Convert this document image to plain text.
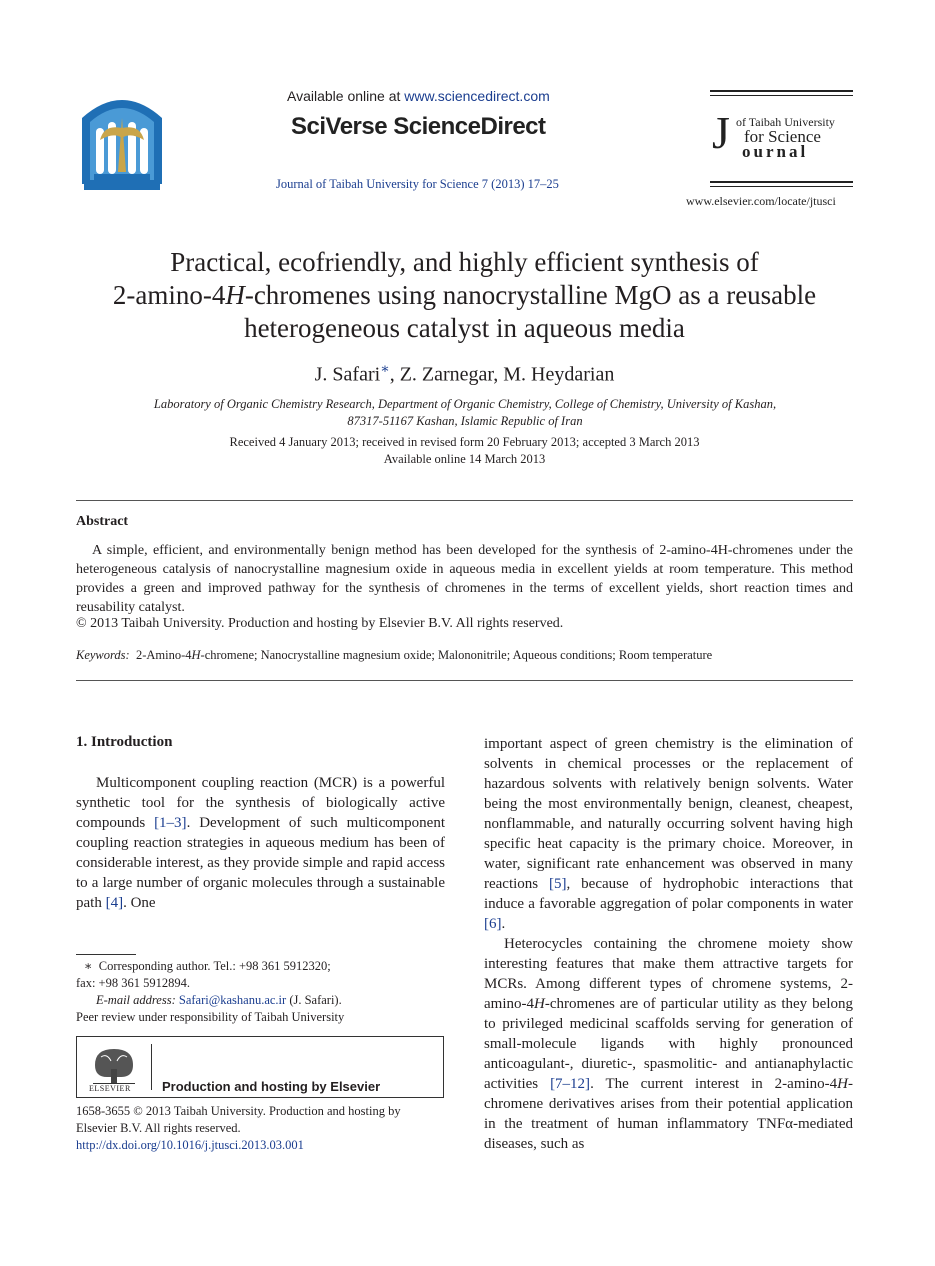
Available online at www.sciencedirect.com
SciVerse ScienceDirect
Journal of Taibah University for Science 7 (2013) 17–25
J of Taibah University
for Science
ournal
www.elsevier.com/locate/jtusci
Practical, ecofriendly, and highly efficient synthesis of
2-amino-4H-chromenes using nanocrystalline MgO as a reusable
heterogeneous catalyst in aqueous media
J. Safari∗, Z. Zarnegar, M. Heydarian
Laboratory of Organic Chemistry Research, Department of Organic Chemistry, College of Chemistry, University of Kashan,
87317-51167 Kashan, Islamic Republic of Iran
Received 4 January 2013; received in revised form 20 February 2013; accepted 3 March 2013
Available online 14 March 2013
Abstract

A simple, efficient, and environmentally benign method has been developed for the synthesis of 2-amino-4H-chromenes under the heterogeneous catalysis of nanocrystalline magnesium oxide in aqueous media in excellent yields at room temperature. This method provides a green and improved pathway for the synthesis of chromenes in the terms of excellent yields, short reaction times and reusability catalyst.

© 2013 Taibah University. Production and hosting by Elsevier B.V. All rights reserved.
Keywords: 2-Amino-4H-chromene; Nanocrystalline magnesium oxide; Malononitrile; Aqueous conditions; Room temperature
1. Introduction

Multicomponent coupling reaction (MCR) is a powerful synthetic tool for the synthesis of biologically active compounds [1–3]. Development of such multicomponent coupling reaction strategies in aqueous medium has been of considerable interest, as they provide simple and rapid access to a large number of organic molecules through a sustainable path [4]. One

important aspect of green chemistry is the elimination of solvents in chemical processes or the replacement of hazardous solvents with relatively benign solvents. Water being the most environmentally benign, cleanest, cheapest, nonflammable, and naturally occurring solvent having high specific heat capacity is the primary choice. Moreover, in water, significant rate enhancement was observed in many reactions [5], because of hydrophobic interactions that induce a favorable aggregation of polar components in water [6].

Heterocycles containing the chromene moiety show interesting features that make them attractive targets for MCRs. Among different types of chromene systems, 2-amino-4H-chromenes are of particular utility as they belong to privileged medicinal scaffolds serving for generation of small-molecule ligands with highly pronounced anticoagulant-, diuretic-, spasmolitic- and antianaphylactic activities [7–12]. The current interest in 2-amino-4H-chromene derivatives arises from their potential application in the treatment of human inflammatory TNFα-mediated diseases, such as

∗ Corresponding author. Tel.: +98 361 5912320;
fax: +98 361 5912894.
E-mail address: Safari@kashanu.ac.ir (J. Safari).
Peer review under responsibility of Taibah University
ELSEVIER Production and hosting by Elsevier
1658-3655 © 2013 Taibah University. Production and hosting by
Elsevier B.V. All rights reserved.
http://dx.doi.org/10.1016/j.jtusci.2013.03.001
